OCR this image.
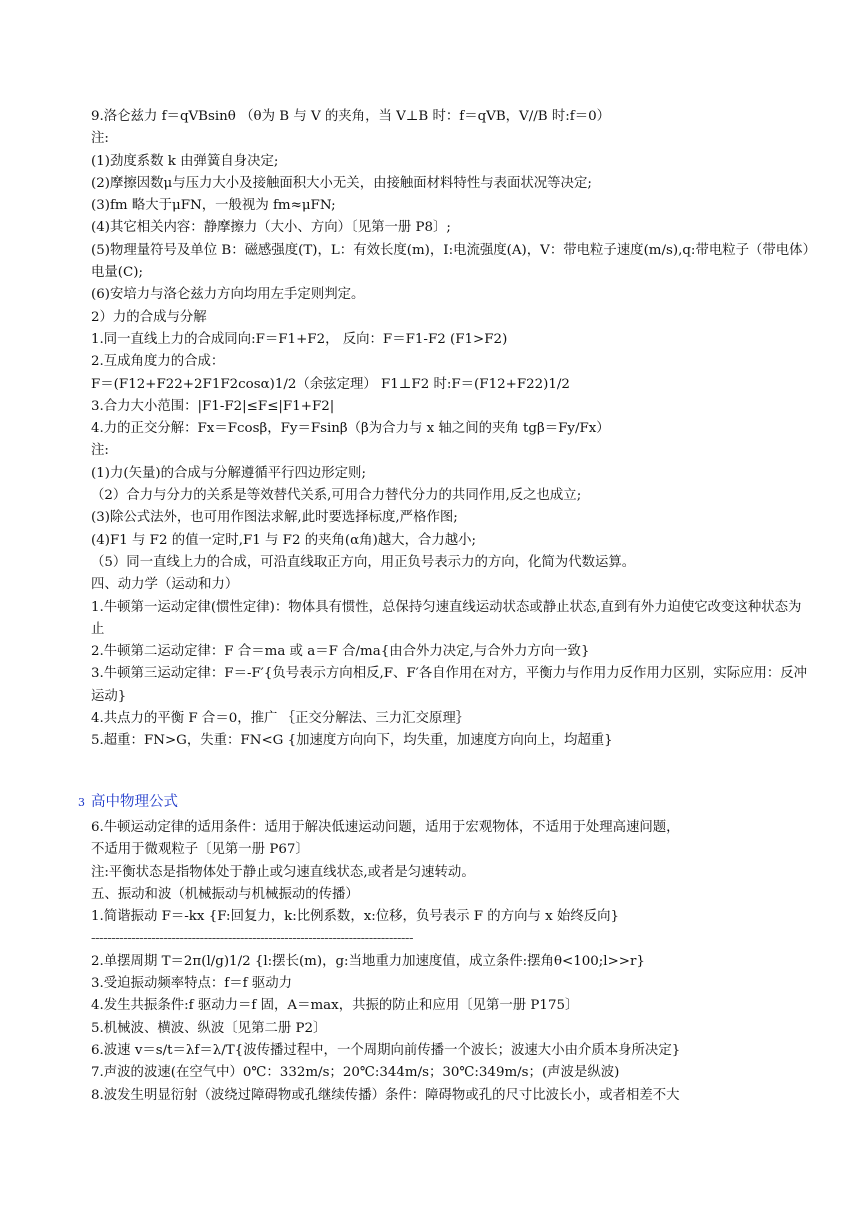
9.洛仑兹力 f＝qVBsinθ （θ为 B 与 V 的夹角，当 V⊥B 时：f＝qVB，V//B 时:f＝0）
注:
(1)劲度系数 k 由弹簧自身决定;
(2)摩擦因数μ与压力大小及接触面积大小无关，由接触面材料特性与表面状况等决定;
(3)fm 略大于μFN，一般视为 fm≈μFN;
(4)其它相关内容：静摩擦力（大小、方向）〔见第一册 P8〕;
(5)物理量符号及单位 B：磁感强度(T)，L：有效长度(m)，I:电流强度(A)，V：带电粒子速度(m/s),q:带电粒子（带电体）电量(C);
(6)安培力与洛仑兹力方向均用左手定则判定。
2）力的合成与分解
1.同一直线上力的合成同向:F＝F1+F2， 反向：F＝F1-F2 (F1>F2)
2.互成角度力的合成：
F＝(F12+F22+2F1F2cosα)1/2（余弦定理） F1⊥F2 时:F＝(F12+F22)1/2
3.合力大小范围：|F1-F2|≤F≤|F1+F2|
4.力的正交分解：Fx＝Fcosβ，Fy＝Fsinβ（β为合力与 x 轴之间的夹角 tgβ＝Fy/Fx）
注:
(1)力(矢量)的合成与分解遵循平行四边形定则;
（2）合力与分力的关系是等效替代关系,可用合力替代分力的共同作用,反之也成立;
(3)除公式法外，也可用作图法求解,此时要选择标度,严格作图;
(4)F1 与 F2 的值一定时,F1 与 F2 的夹角(α角)越大，合力越小;
（5）同一直线上力的合成，可沿直线取正方向，用正负号表示力的方向，化简为代数运算。
四、动力学（运动和力）
1.牛顿第一运动定律(惯性定律)：物体具有惯性，总保持匀速直线运动状态或静止状态,直到有外力迫使它改变这种状态为止
2.牛顿第二运动定律：F 合＝ma 或 a＝F 合/ma{由合外力决定,与合外力方向一致}
3.牛顿第三运动定律：F＝-F′{负号表示方向相反,F、F′各自作用在对方，平衡力与作用力反作用力区别，实际应用：反冲运动}
4.共点力的平衡 F 合＝0，推广 ｛正交分解法、三力汇交原理｝
5.超重：FN>G，失重：FN<G {加速度方向向下，均失重，加速度方向向上，均超重}
3 高中物理公式
6.牛顿运动定律的适用条件：适用于解决低速运动问题，适用于宏观物体，不适用于处理高速问题，
不适用于微观粒子〔见第一册 P67〕
注:平衡状态是指物体处于静止或匀速直线状态,或者是匀速转动。
五、振动和波（机械振动与机械振动的传播）
1.简谐振动 F＝-kx {F:回复力，k:比例系数，x:位移，负号表示 F 的方向与 x 始终反向}
--------------------------------------------------------------------------------
2.单摆周期 T＝2π(l/g)1/2 {l:摆长(m)，g:当地重力加速度值，成立条件:摆角θ<100;l>>r}
3.受迫振动频率特点：f＝f 驱动力
4.发生共振条件:f 驱动力＝f 固，A＝max，共振的防止和应用〔见第一册 P175〕
5.机械波、横波、纵波〔见第二册 P2〕
6.波速 v＝s/t＝λf＝λ/T{波传播过程中，一个周期向前传播一个波长；波速大小由介质本身所决定}
7.声波的波速(在空气中）0℃：332m/s；20℃:344m/s；30℃:349m/s；(声波是纵波)
8.波发生明显衍射（波绕过障碍物或孔继续传播）条件：障碍物或孔的尺寸比波长小，或者相差不大
